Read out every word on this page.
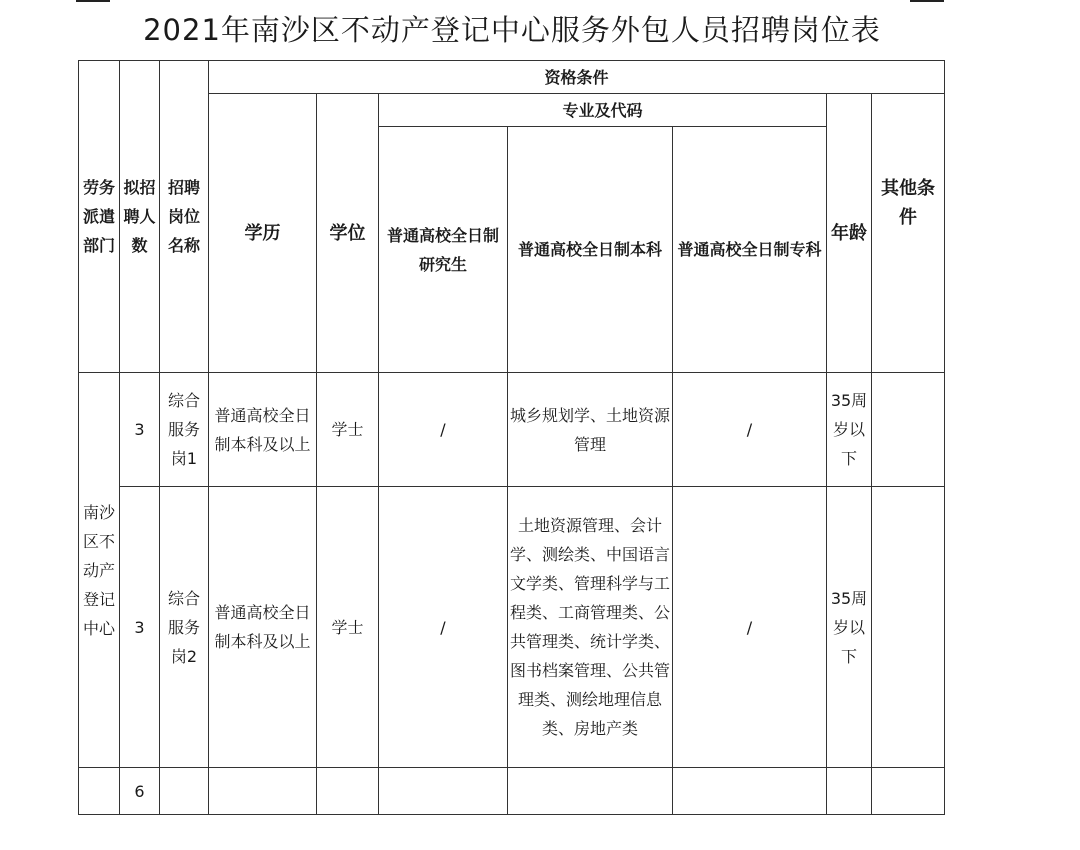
2021年南沙区不动产登记中心服务外包人员招聘岗位表
劳务派遣部门	拟招聘人数	招聘岗位名称	资格条件						
			学历	学位	专业及代码			年龄	其他条件
					普通高校全日制研究生	普通高校全日制本科	普通高校全日制专科		
南沙区不动产登记中心	3	综合服务岗1	普通高校全日制本科及以上	学士	/	城乡规划学、土地资源管理	/	35周岁以下	
	3	综合服务岗2	普通高校全日制本科及以上	学士	/	土地资源管理、会计学、测绘类、中国语言文学类、管理科学与工程类、工商管理类、公共管理类、统计学类、图书档案管理、公共管理类、测绘地理信息类、房地产类	/	35周岁以下	
	6								
